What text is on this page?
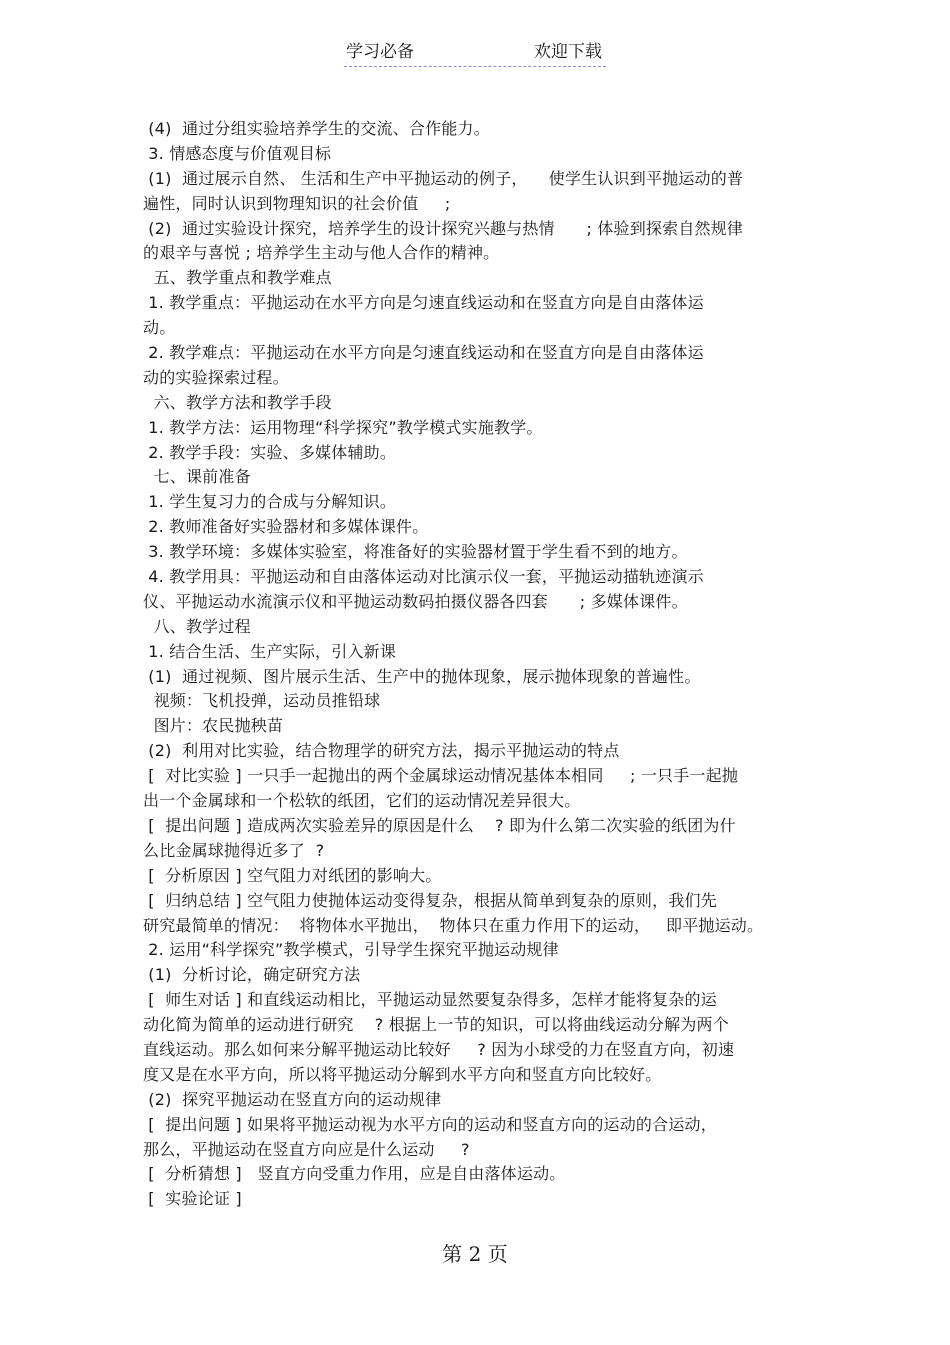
学习必备	欢迎下载
(4)  通过分组实验培养学生的交流、合作能力。
3. 情感态度与价值观目标
(1)  通过展示自然、 生活和生产中平抛运动的例子，    使学生认识到平抛运动的普
遍性，同时认识到物理知识的社会价值     ;
(2)  通过实验设计探究，培养学生的设计探究兴趣与热情      ; 体验到探索自然规律
的艰辛与喜悦 ; 培养学生主动与他人合作的精神。
五、教学重点和教学难点
1. 教学重点：平抛运动在水平方向是匀速直线运动和在竖直方向是自由落体运
动。
2. 教学难点：平抛运动在水平方向是匀速直线运动和在竖直方向是自由落体运
动的实验探索过程。
六、教学方法和教学手段
1. 教学方法：运用物理“科学探究”教学模式实施教学。
2. 教学手段：实验、多媒体辅助。
七、课前准备
1. 学生复习力的合成与分解知识。
2. 教师准备好实验器材和多媒体课件。
3. 教学环境：多媒体实验室，将准备好的实验器材置于学生看不到的地方。
4. 教学用具：平抛运动和自由落体运动对比演示仪一套，平抛运动描轨迹演示
仪、平抛运动水流演示仪和平抛运动数码拍摄仪器各四套      ; 多媒体课件。
八、教学过程
1. 结合生活、生产实际，引入新课
(1)  通过视频、图片展示生活、生产中的抛体现象，展示抛体现象的普遍性。
视频：飞机投弹，运动员推铅球
图片：农民抛秧苗
(2)  利用对比实验，结合物理学的研究方法，揭示平抛运动的特点
[  对比实验 ] 一只手一起抛出的两个金属球运动情况基体本相同     ; 一只手一起抛
出一个金属球和一个松软的纸团，它们的运动情况差异很大。
[  提出问题 ] 造成两次实验差异的原因是什么    ? 即为什么第二次实验的纸团为什
么比金属球抛得近多了  ?
[  分析原因 ] 空气阻力对纸团的影响大。
[  归纳总结 ] 空气阻力使抛体运动变得复杂，根据从简单到复杂的原则，我们先
研究最简单的情况：  将物体水平抛出，  物体只在重力作用下的运动，   即平抛运动。
2. 运用“科学探究”教学模式，引导学生探究平抛运动规律
(1)  分析讨论，确定研究方法
[  师生对话 ] 和直线运动相比，平抛运动显然要复杂得多，怎样才能将复杂的运
动化简为简单的运动进行研究    ? 根据上一节的知识，可以将曲线运动分解为两个
直线运动。那么如何来分解平抛运动比较好     ? 因为小球受的力在竖直方向，初速
度又是在水平方向，所以将平抛运动分解到水平方向和竖直方向比较好。
(2)  探究平抛运动在竖直方向的运动规律
[  提出问题 ] 如果将平抛运动视为水平方向的运动和竖直方向的运动的合运动，
那么，平抛运动在竖直方向应是什么运动     ?
[  分析猜想 ]   竖直方向受重力作用，应是自由落体运动。
[  实验论证 ]
第 2 页
